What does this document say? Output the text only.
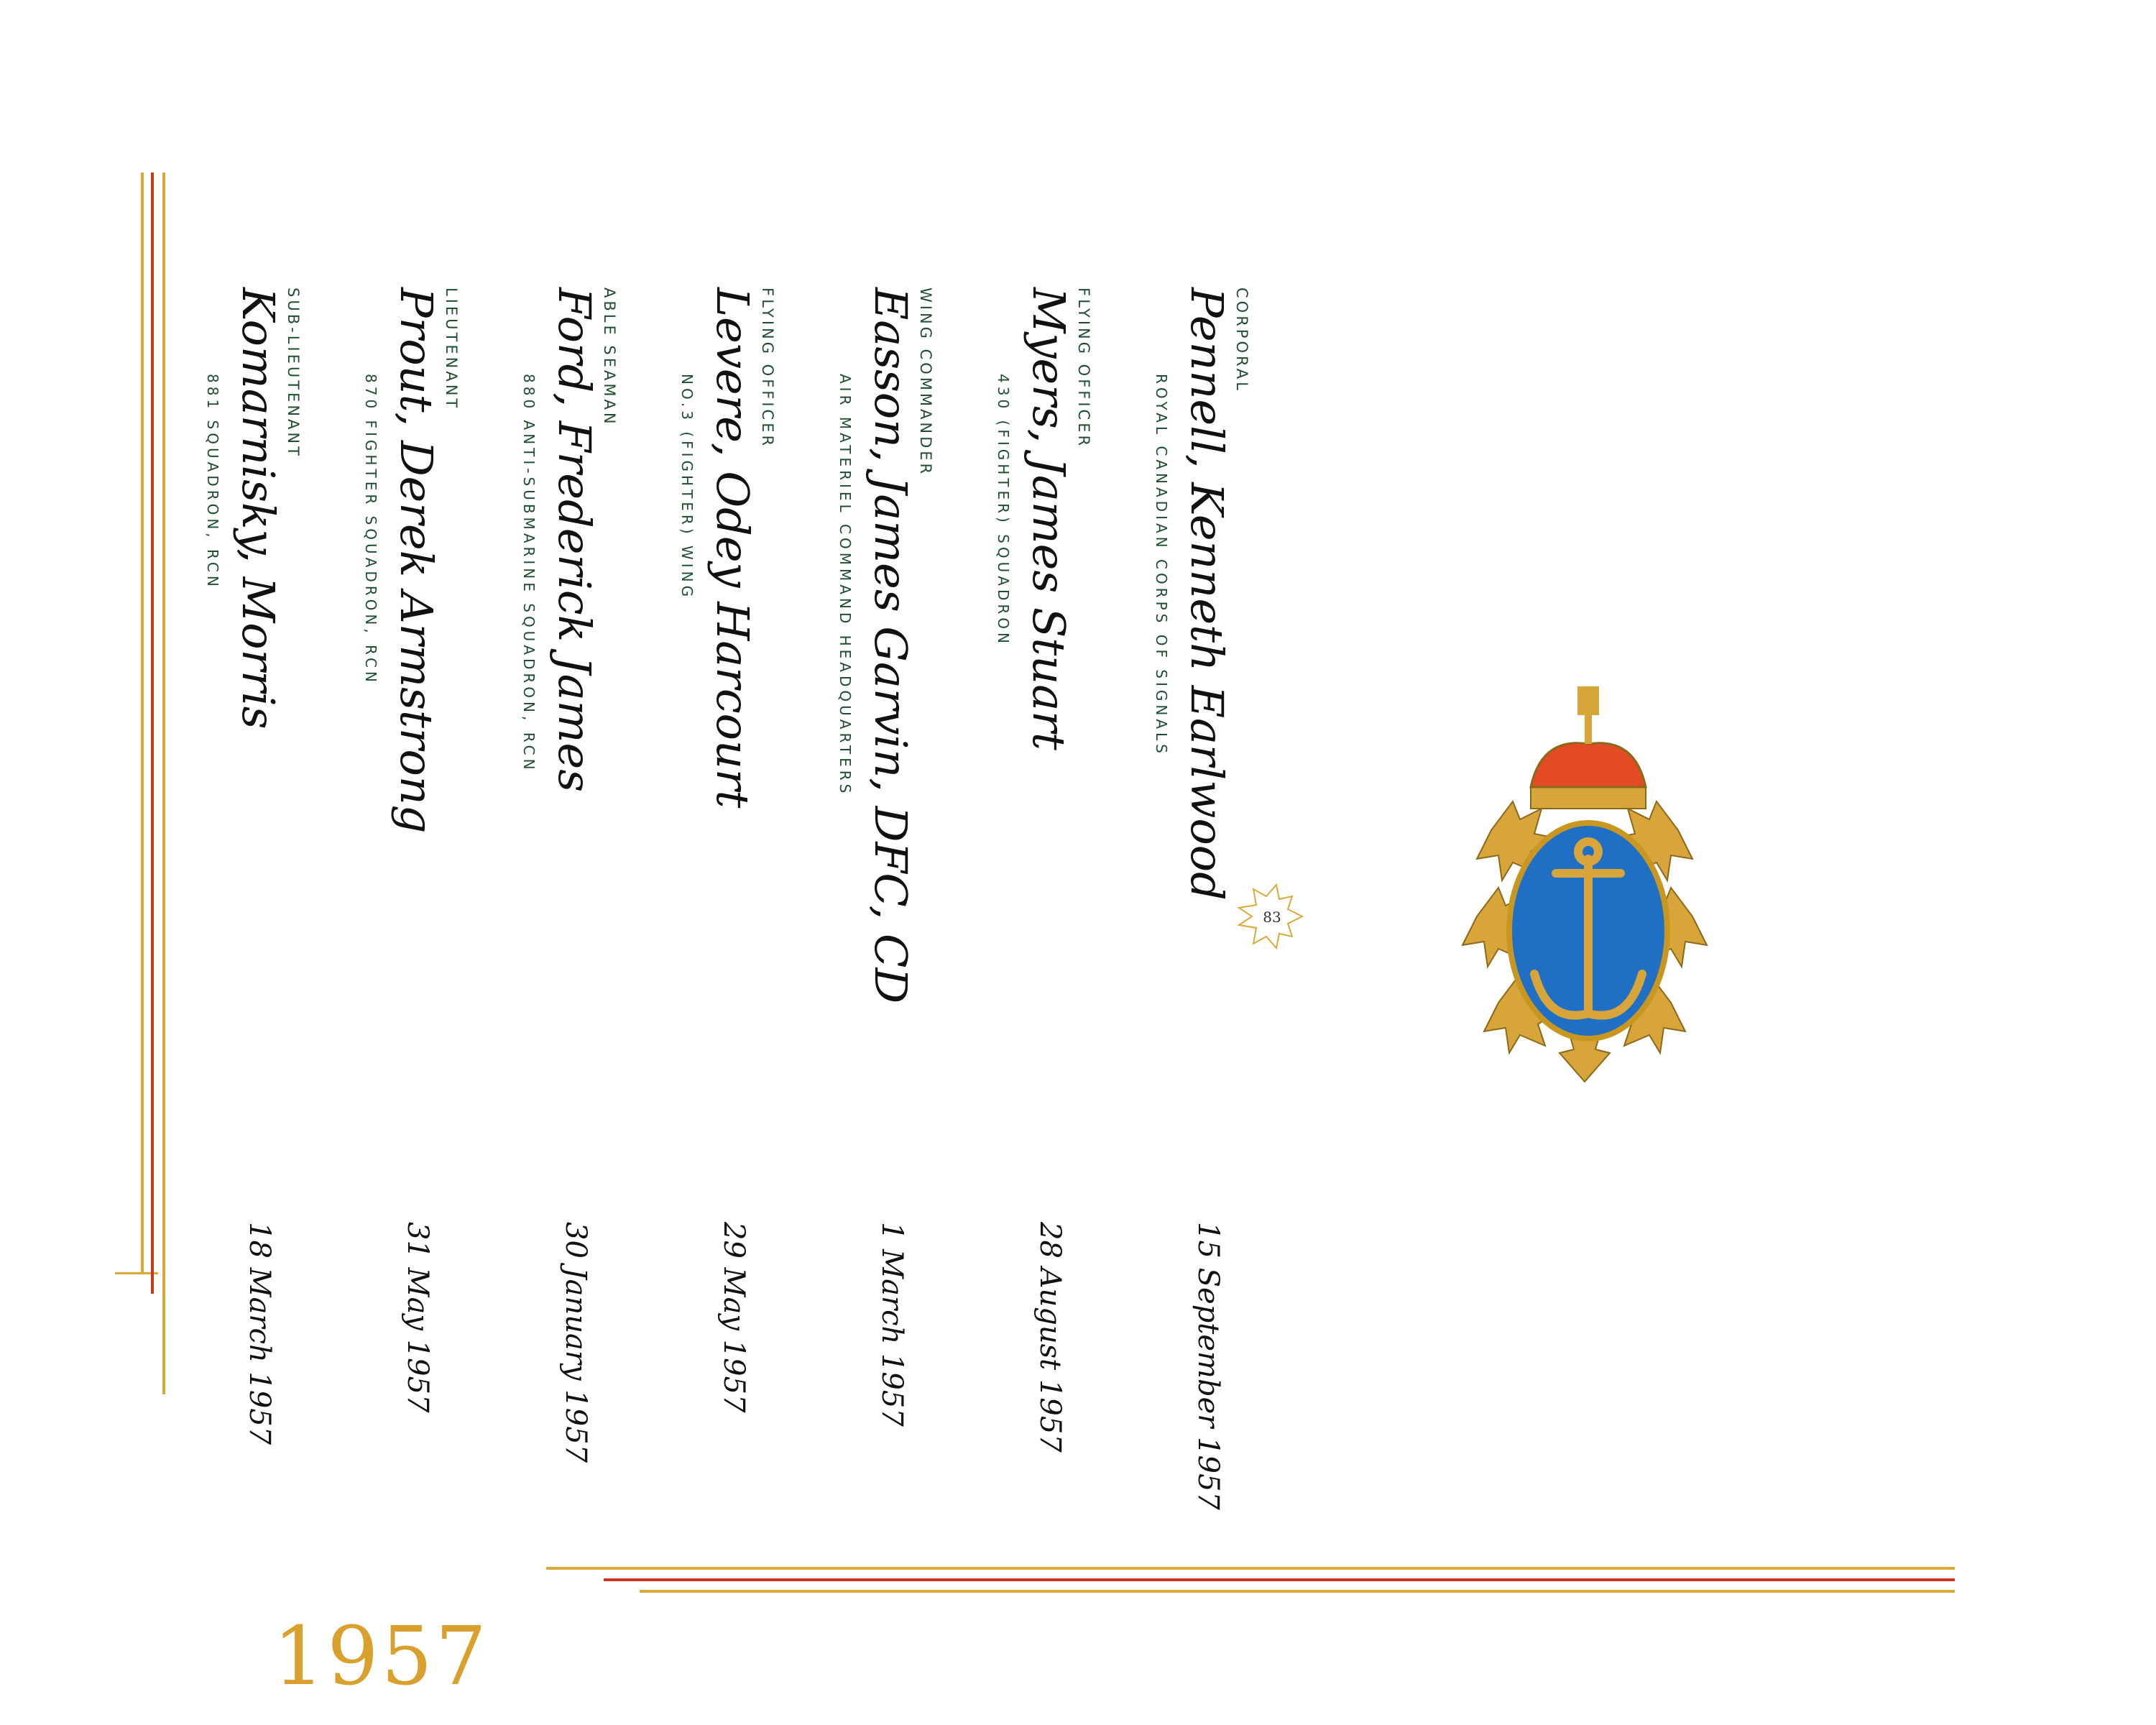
1957
SUB-LIEUTENANT
Komarnisky, Morris
881 SQUADRON, RCN
18 March 1957
LIEUTENANT
Prout, Derek Armstrong
870 FIGHTER SQUADRON, RCN
31 May 1957
ABLE SEAMAN
Ford, Frederick James
880 ANTI-SUBMARINE SQUADRON, RCN
30 January 1957
FLYING OFFICER
Levere, Odey Harcourt
NO.3 (FIGHTER) WING
29 May 1957
WING COMMANDER
Easson, James Garvin, DFC, CD
AIR MATERIEL COMMAND HEADQUARTERS
1 March 1957
FLYING OFFICER
Myers, James Stuart
430 (FIGHTER) SQUADRON
28 August 1957
CORPORAL
Pennell, Kenneth Earlwood
ROYAL CANADIAN CORPS OF SIGNALS
15 September 1957
83
